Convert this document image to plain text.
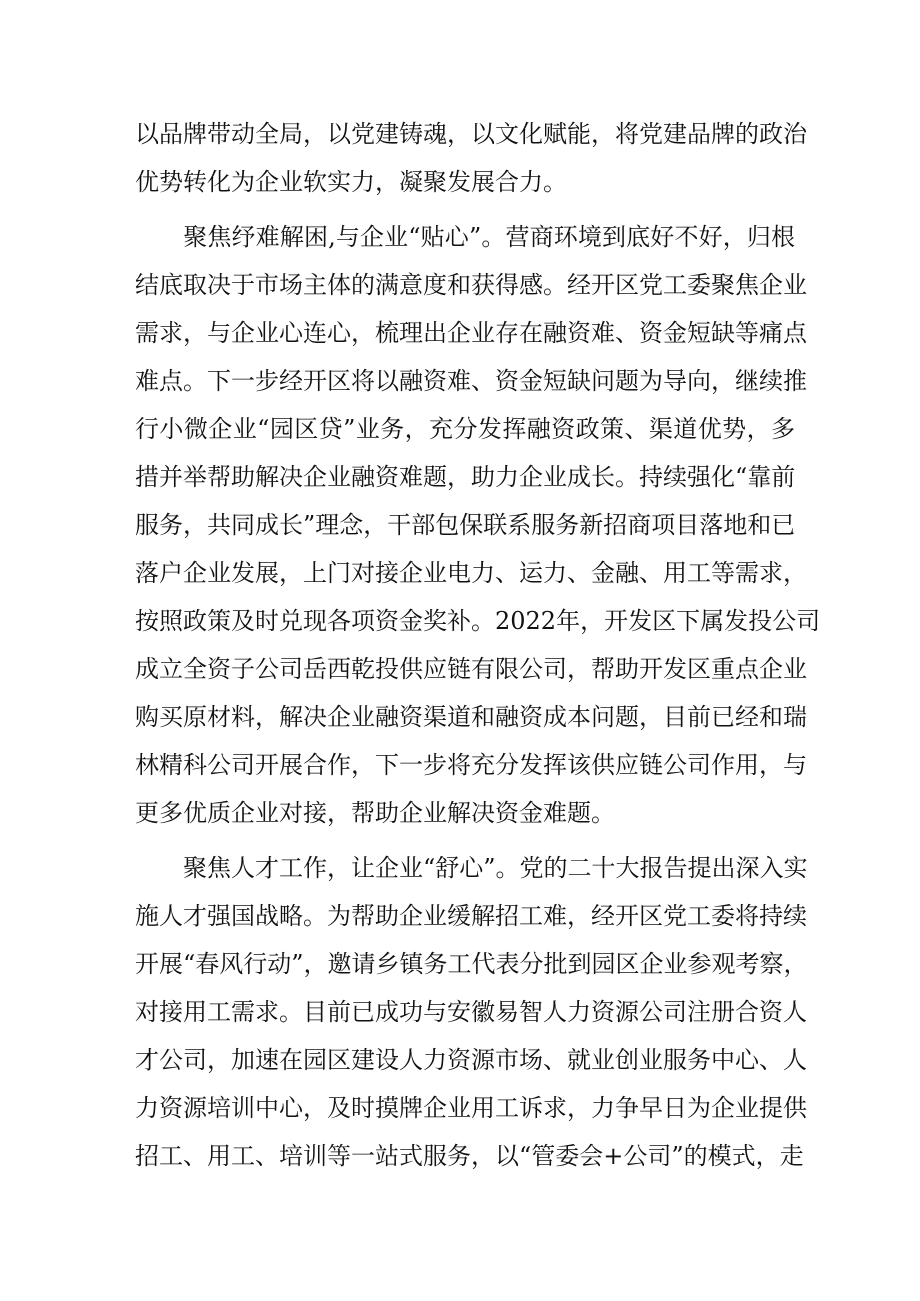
以品牌带动全局，以党建铸魂，以文化赋能，将党建品牌的政治
优势转化为企业软实力，凝聚发展合力。
　　聚焦纾难解困,与企业“贴心”。营商环境到底好不好，归根
结底取决于市场主体的满意度和获得感。经开区党工委聚焦企业
需求，与企业心连心，梳理出企业存在融资难、资金短缺等痛点
难点。下一步经开区将以融资难、资金短缺问题为导向，继续推
行小微企业“园区贷”业务，充分发挥融资政策、渠道优势，多
措并举帮助解决企业融资难题，助力企业成长。持续强化“靠前
服务，共同成长”理念，干部包保联系服务新招商项目落地和已
落户企业发展，上门对接企业电力、运力、金融、用工等需求，
按照政策及时兑现各项资金奖补。2022年，开发区下属发投公司
成立全资子公司岳西乾投供应链有限公司，帮助开发区重点企业
购买原材料，解决企业融资渠道和融资成本问题，目前已经和瑞
林精科公司开展合作，下一步将充分发挥该供应链公司作用，与
更多优质企业对接，帮助企业解决资金难题。
　　聚焦人才工作，让企业“舒心”。党的二十大报告提出深入实
施人才强国战略。为帮助企业缓解招工难，经开区党工委将持续
开展“春风行动”，邀请乡镇务工代表分批到园区企业参观考察，
对接用工需求。目前已成功与安徽易智人力资源公司注册合资人
才公司，加速在园区建设人力资源市场、就业创业服务中心、人
力资源培训中心，及时摸牌企业用工诉求，力争早日为企业提供
招工、用工、培训等一站式服务，以“管委会+公司”的模式，走
